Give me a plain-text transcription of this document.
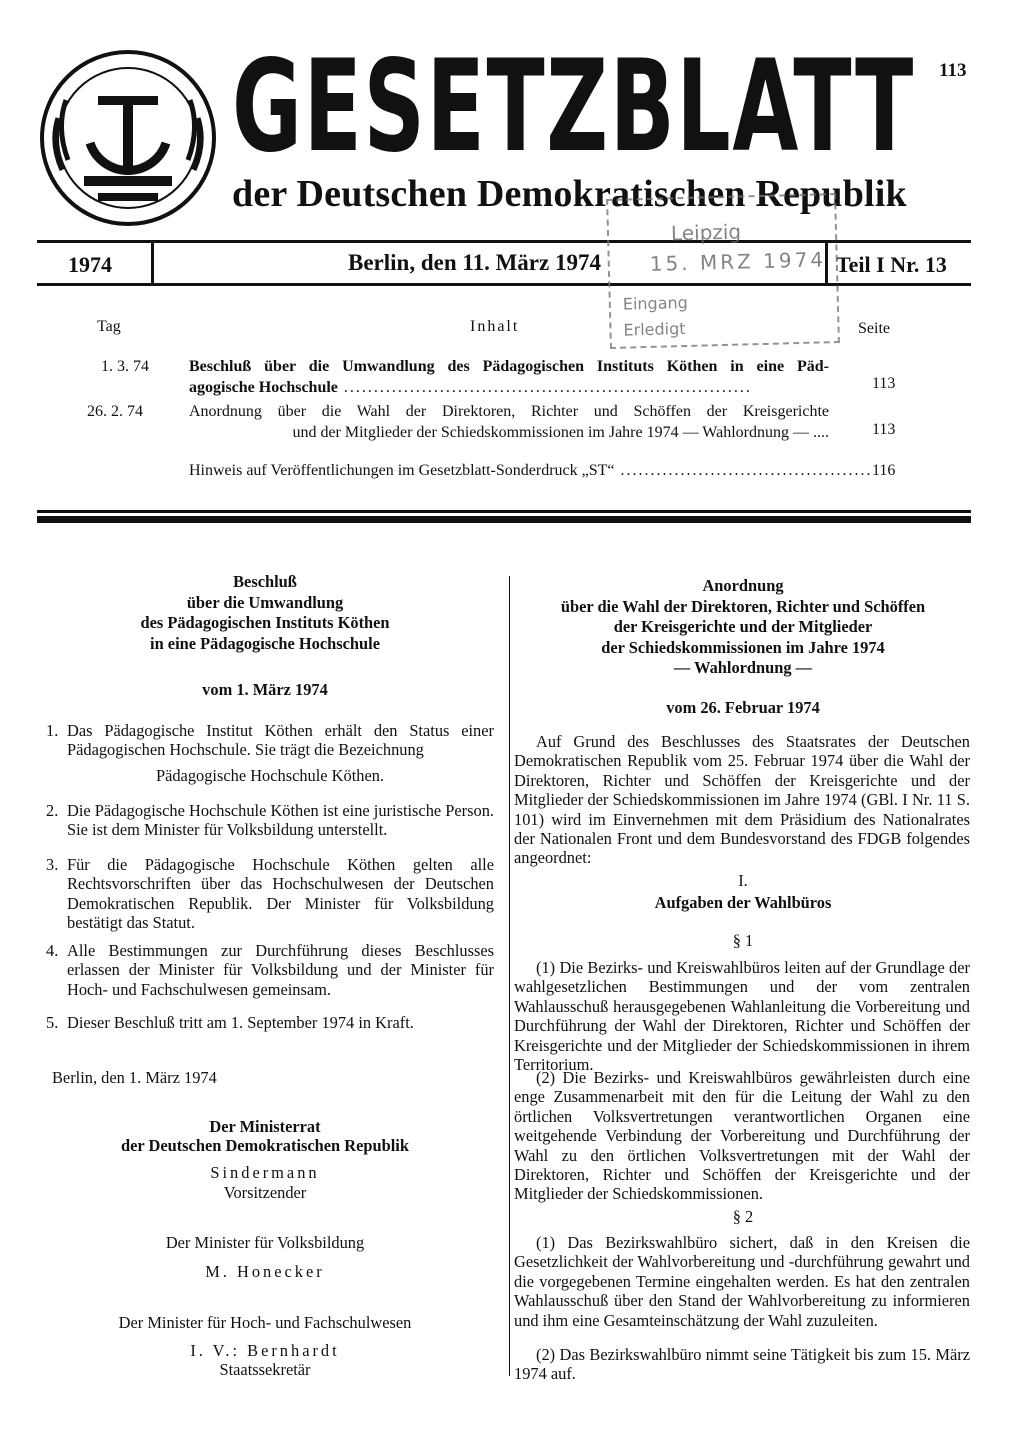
GESETZBLATT 113
der Deutschen Demokratischen Republik
1974	Berlin, den 11. März 1974	Teil I Nr. 13
Leipzig
15. MRZ 1974
Eingang
Erledigt
Tag	Inhalt	Seite
1. 3. 74	Beschluß über die Umwandlung des Pädagogischen Instituts Köthen in eine Päd-
agogische Hochschule ....................................................................	113
26. 2. 74	Anordnung über die Wahl der Direktoren, Richter und Schöffen der Kreisgerichte
und der Mitglieder der Schiedskommissionen im Jahre 1974 — Wahlordnung — ....	113
Hinweis auf Veröffentlichungen im Gesetzblatt-Sonderdruck „ST“ .......................................... 116
Beschluß
über die Umwandlung
des Pädagogischen Instituts Köthen
in eine Pädagogische Hochschule
vom 1. März 1974
1. Das Pädagogische Institut Köthen erhält den Status einer Pädagogischen Hochschule. Sie trägt die Bezeichnung
Pädagogische Hochschule Köthen.
2. Die Pädagogische Hochschule Köthen ist eine juristische Person. Sie ist dem Minister für Volksbildung unterstellt.
3. Für die Pädagogische Hochschule Köthen gelten alle Rechtsvorschriften über das Hochschulwesen der Deutschen Demokratischen Republik. Der Minister für Volksbildung bestätigt das Statut.
4. Alle Bestimmungen zur Durchführung dieses Beschlusses erlassen der Minister für Volksbildung und der Minister für Hoch- und Fachschulwesen gemeinsam.
5. Dieser Beschluß tritt am 1. September 1974 in Kraft.
Berlin, den 1. März 1974
Der Ministerrat
der Deutschen Demokratischen Republik
Sindermann
Vorsitzender
Der Minister für Volksbildung
M. Honecker
Der Minister für Hoch- und Fachschulwesen
I. V.: Bernhardt
Staatssekretär
Anordnung
über die Wahl der Direktoren, Richter und Schöffen
der Kreisgerichte und der Mitglieder
der Schiedskommissionen im Jahre 1974
— Wahlordnung —
vom 26. Februar 1974
Auf Grund des Beschlusses des Staatsrates der Deutschen Demokratischen Republik vom 25. Februar 1974 über die Wahl der Direktoren, Richter und Schöffen der Kreisgerichte und der Mitglieder der Schiedskommissionen im Jahre 1974 (GBl. I Nr. 11 S. 101) wird im Einvernehmen mit dem Präsidium des Nationalrates der Nationalen Front und dem Bundesvorstand des FDGB folgendes angeordnet:
I.
Aufgaben der Wahlbüros
§ 1
(1) Die Bezirks- und Kreiswahlbüros leiten auf der Grundlage der wahlgesetzlichen Bestimmungen und der vom zentralen Wahlausschuß herausgegebenen Wahlanleitung die Vorbereitung und Durchführung der Wahl der Direktoren, Richter und Schöffen der Kreisgerichte und der Mitglieder der Schiedskommissionen in ihrem Territorium.
(2) Die Bezirks- und Kreiswahlbüros gewährleisten durch eine enge Zusammenarbeit mit den für die Leitung der Wahl zu den örtlichen Volksvertretungen verantwortlichen Organen eine weitgehende Verbindung der Vorbereitung und Durchführung der Wahl zu den örtlichen Volksvertretungen mit der Wahl der Direktoren, Richter und Schöffen der Kreisgerichte und der Mitglieder der Schiedskommissionen.
§ 2
(1) Das Bezirkswahlbüro sichert, daß in den Kreisen die Gesetzlichkeit der Wahlvorbereitung und -durchführung gewahrt und die vorgegebenen Termine eingehalten werden. Es hat den zentralen Wahlausschuß über den Stand der Wahlvorbereitung zu informieren und ihm eine Gesamteinschätzung der Wahl zuzuleiten.
(2) Das Bezirkswahlbüro nimmt seine Tätigkeit bis zum 15. März 1974 auf.
